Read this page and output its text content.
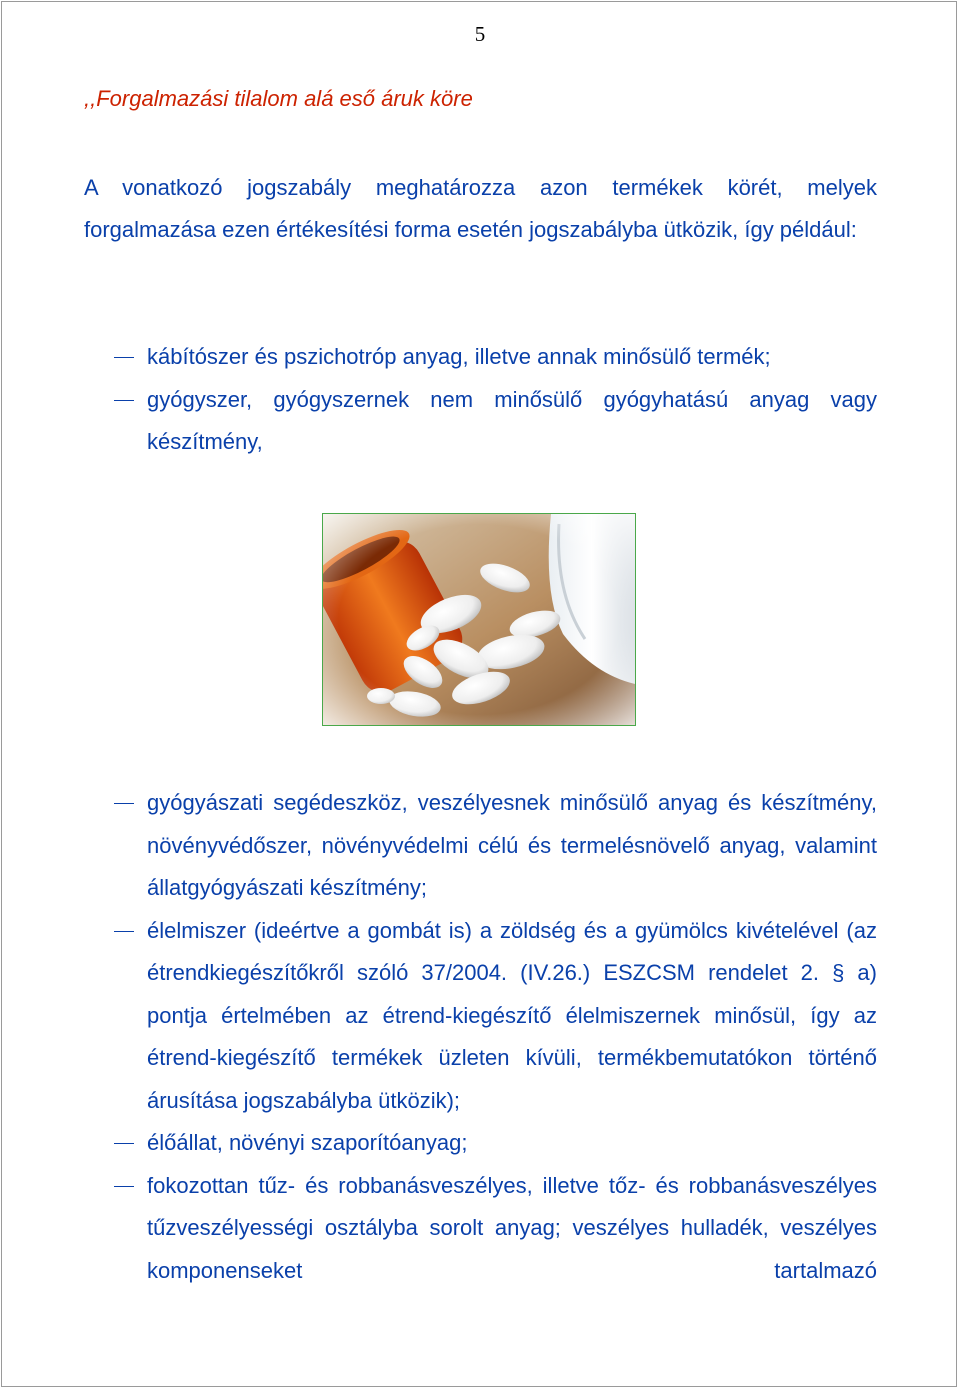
5
,,Forgalmazási tilalom alá eső áruk köre
A vonatkozó jogszabály meghatározza azon termékek körét, melyek forgalmazása ezen értékesítési forma esetén jogszabályba ütközik, így például:
kábítószer és pszichotróp anyag, illetve annak minősülő termék;
gyógyszer, gyógyszernek nem minősülő gyógyhatású anyag vagy készítmény,
gyógyászati segédeszköz, veszélyesnek minősülő anyag és készítmény, növényvédőszer, növényvédelmi célú és termelésnövelő anyag, valamint állatgyógyászati készítmény;
élelmiszer (ideértve a gombát is) a zöldség és a gyümölcs kivételével (az étrendkiegészítőkről szóló 37/2004. (IV.26.) ESZCSM rendelet 2. § a) pontja értelmében az étrend-kiegészítő élelmiszernek minősül, így az étrend-kiegészítő termékek üzleten kívüli, termékbemutatókon történő árusítása jogszabályba ütközik);
élőállat, növényi szaporítóanyag;
fokozottan tűz- és robbanásveszélyes, illetve tőz- és robbanásveszélyes tűzveszélyességi osztályba sorolt anyag; veszélyes hulladék, veszélyes komponenseket tartalmazó
